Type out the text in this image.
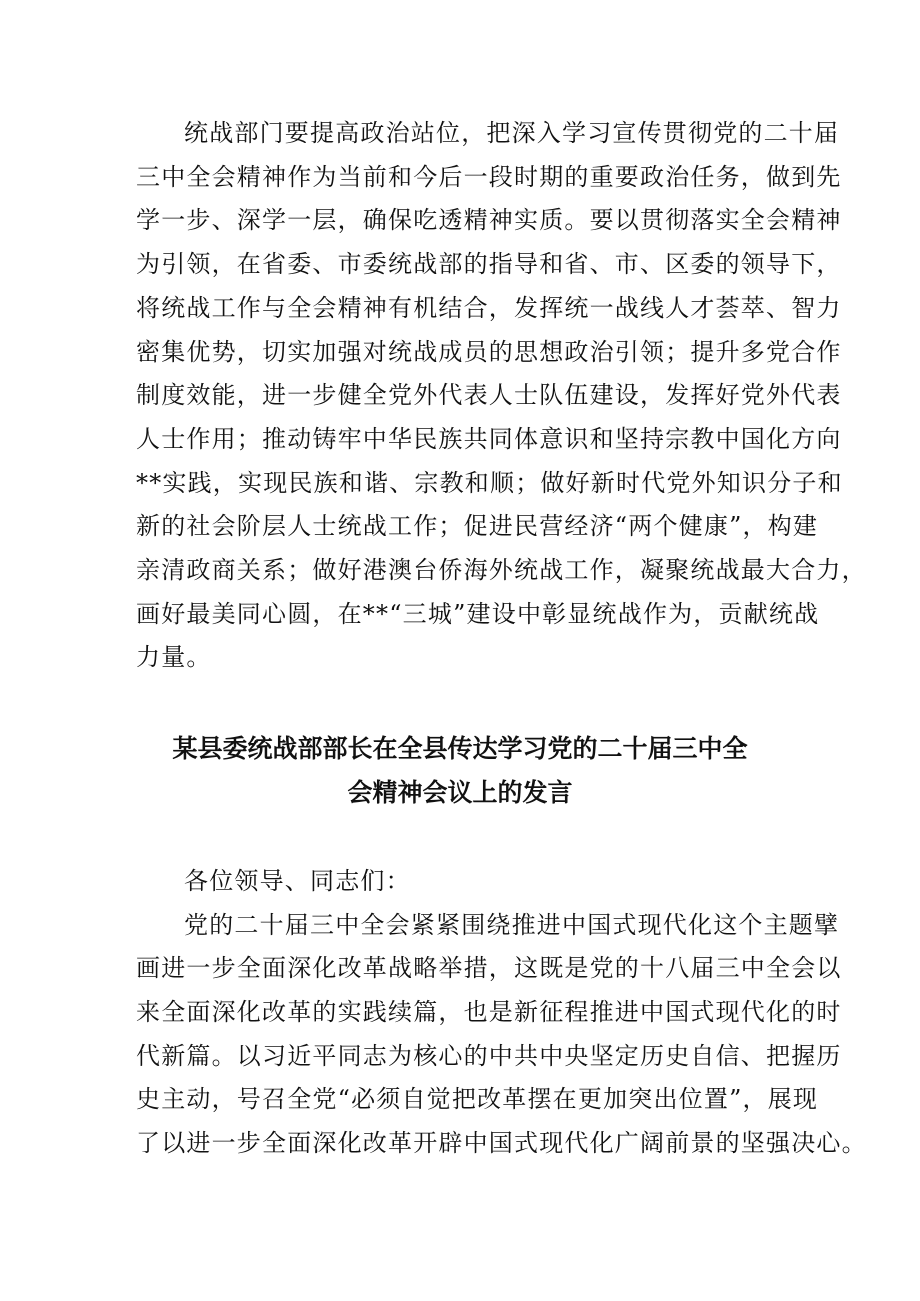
统战部门要提高政治站位，把深入学习宣传贯彻党的二十届
三中全会精神作为当前和今后一段时期的重要政治任务，做到先
学一步、深学一层，确保吃透精神实质。要以贯彻落实全会精神
为引领，在省委、市委统战部的指导和省、市、区委的领导下，
将统战工作与全会精神有机结合，发挥统一战线人才荟萃、智力
密集优势，切实加强对统战成员的思想政治引领；提升多党合作
制度效能，进一步健全党外代表人士队伍建设，发挥好党外代表
人士作用；推动铸牢中华民族共同体意识和坚持宗教中国化方向
**实践，实现民族和谐、宗教和顺；做好新时代党外知识分子和
新的社会阶层人士统战工作；促进民营经济“两个健康”，构建
亲清政商关系；做好港澳台侨海外统战工作，凝聚统战最大合力，
画好最美同心圆，在**“三城”建设中彰显统战作为，贡献统战
力量。
某县委统战部部长在全县传达学习党的二十届三中全
会精神会议上的发言
各位领导、同志们：
党的二十届三中全会紧紧围绕推进中国式现代化这个主题擘
画进一步全面深化改革战略举措，这既是党的十八届三中全会以
来全面深化改革的实践续篇，也是新征程推进中国式现代化的时
代新篇。以习近平同志为核心的中共中央坚定历史自信、把握历
史主动，号召全党“必须自觉把改革摆在更加突出位置”，展现
了以进一步全面深化改革开辟中国式现代化广阔前景的坚强决心。
